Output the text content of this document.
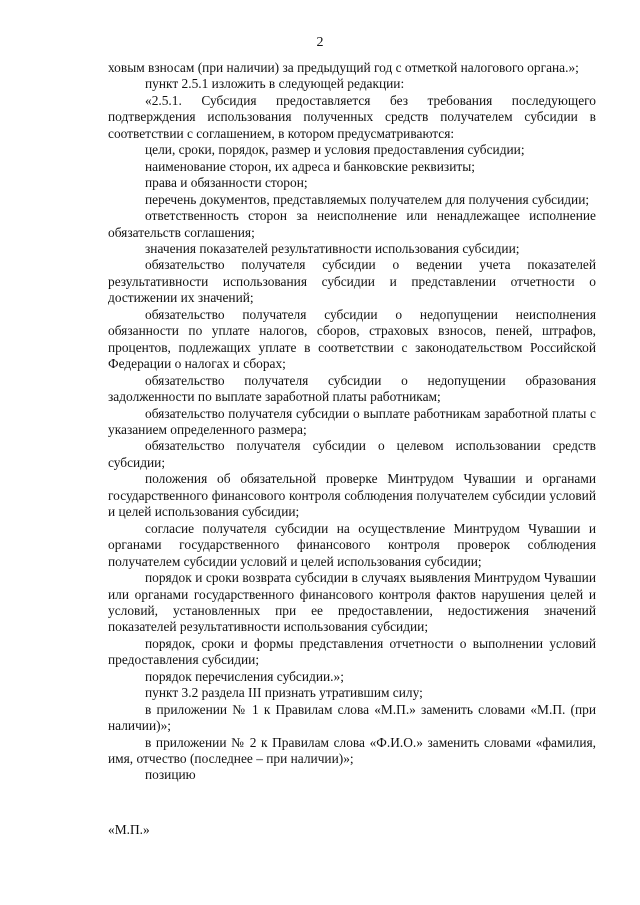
2

ховым взносам (при наличии) за предыдущий год с отметкой налогового органа.»;

пункт 2.5.1 изложить в следующей редакции:

«2.5.1. Субсидия предоставляется без требования последующего подтверждения использования полученных средств получателем субсидии в соответствии с соглашением, в котором предусматриваются:

цели, сроки, порядок, размер и условия предоставления субсидии;

наименование сторон, их адреса и банковские реквизиты;

права и обязанности сторон;

перечень документов, представляемых получателем для получения субсидии;

ответственность сторон за неисполнение или ненадлежащее исполнение обязательств соглашения;

значения показателей результативности использования субсидии;

обязательство получателя субсидии о ведении учета показателей результативности использования субсидии и представлении отчетности о достижении их значений;

обязательство получателя субсидии о недопущении неисполнения обязанности по уплате налогов, сборов, страховых взносов, пеней, штрафов, процентов, подлежащих уплате в соответствии с законодательством Российской Федерации о налогах и сборах;

обязательство получателя субсидии о недопущении образования задолженности по выплате заработной платы работникам;

обязательство получателя субсидии о выплате работникам заработной платы с указанием определенного размера;

обязательство получателя субсидии о целевом использовании средств субсидии;

положения об обязательной проверке Минтрудом Чувашии и органами государственного финансового контроля соблюдения получателем субсидии условий и целей использования субсидии;

согласие получателя субсидии на осуществление Минтрудом Чувашии и органами государственного финансового контроля проверок соблюдения получателем субсидии условий и целей использования субсидии;

порядок и сроки возврата субсидии в случаях выявления Минтрудом Чувашии или органами государственного финансового контроля фактов нарушения целей и условий, установленных при ее предоставлении, недостижения значений показателей результативности использования субсидии;

порядок, сроки и формы представления отчетности о выполнении условий предоставления субсидии;

порядок перечисления субсидии.»;

пункт 3.2 раздела III признать утратившим силу;

в приложении № 1 к Правилам слова «М.П.» заменить словами «М.П. (при наличии)»;

в приложении № 2 к Правилам слова «Ф.И.О.» заменить словами «фамилия, имя, отчество (последнее – при наличии)»;

позицию

«М.П.»
